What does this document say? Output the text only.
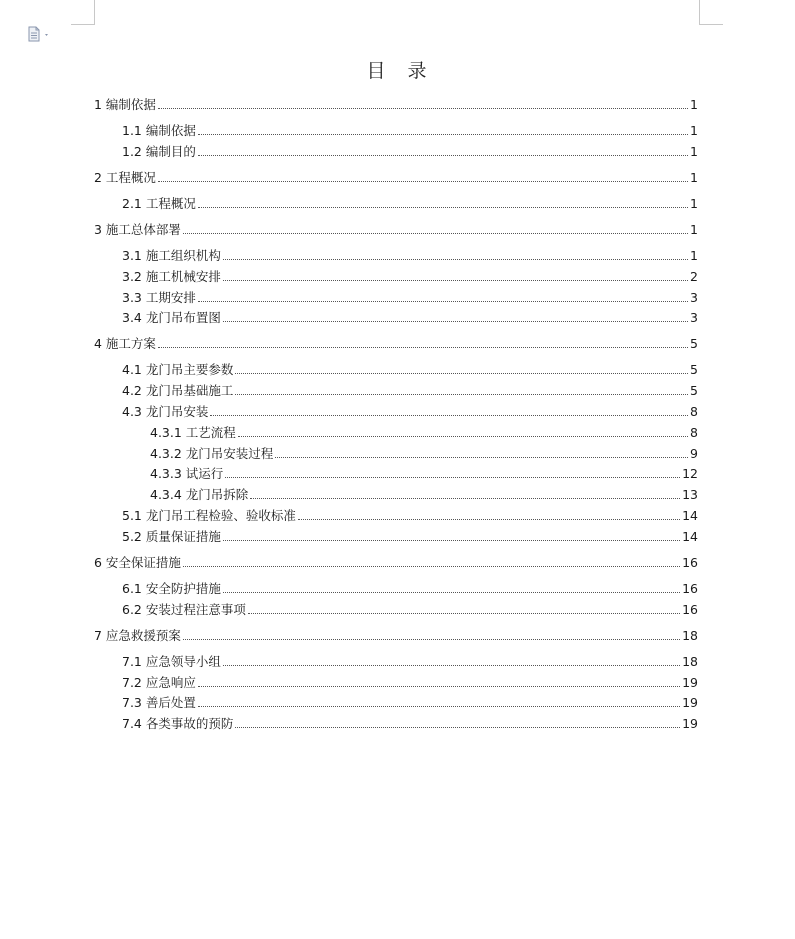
目 录
1 编制依据	1
1.1 编制依据	1
1.2 编制目的	1
2 工程概况	1
2.1 工程概况	1
3 施工总体部署	1
3.1 施工组织机构	1
3.2 施工机械安排	2
3.3 工期安排	3
3.4 龙门吊布置图	3
4 施工方案	5
4.1 龙门吊主要参数	5
4.2 龙门吊基础施工	5
4.3 龙门吊安装	8
4.3.1 工艺流程	8
4.3.2 龙门吊安装过程	9
4.3.3 试运行	12
4.3.4 龙门吊拆除	13
5.1 龙门吊工程检验、验收标准	14
5.2 质量保证措施	14
6 安全保证措施	16
6.1 安全防护措施	16
6.2 安装过程注意事项	16
7 应急救援预案	18
7.1 应急领导小组	18
7.2 应急响应	19
7.3 善后处置	19
7.4 各类事故的预防	19
